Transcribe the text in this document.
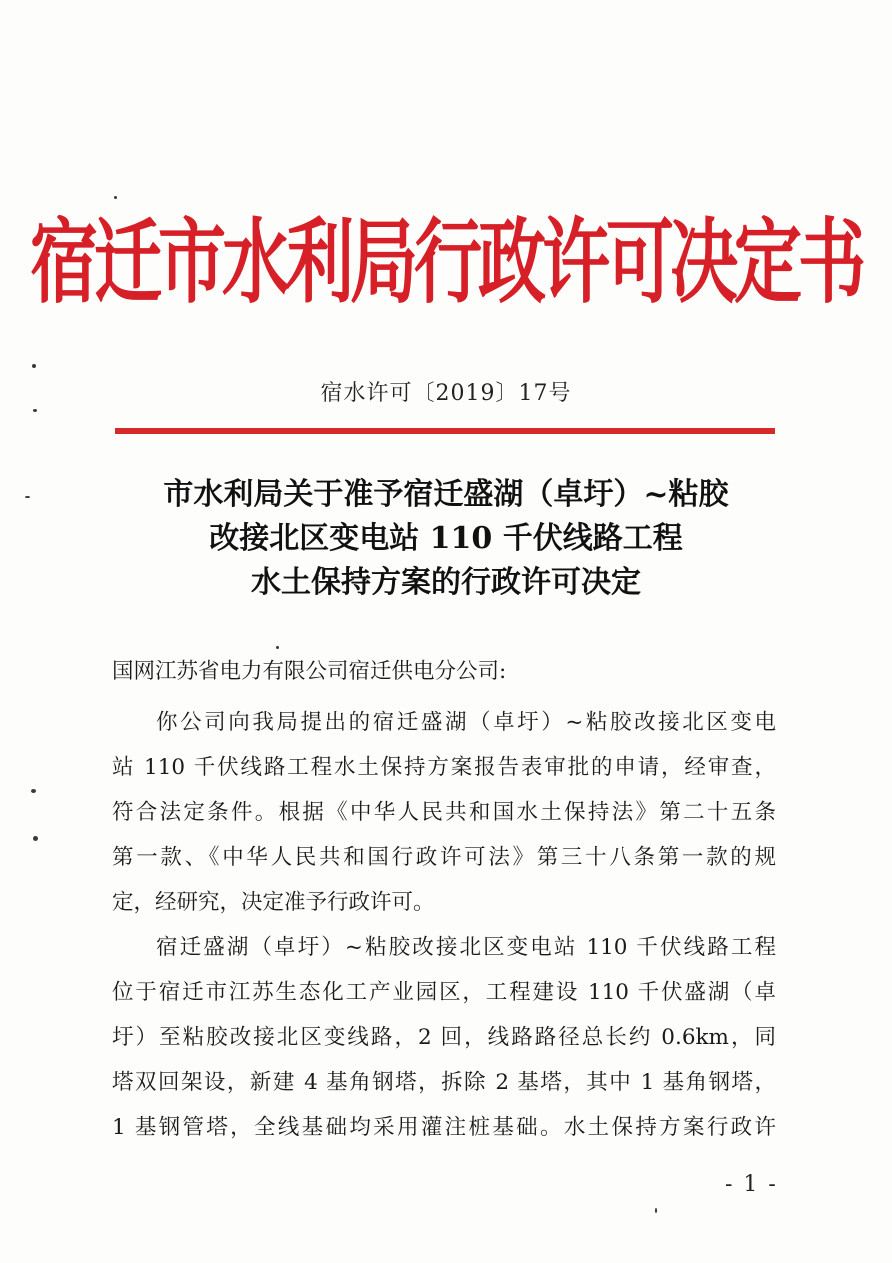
宿迁市水利局行政许可决定书
宿水许可〔2019〕17号
市水利局关于准予宿迁盛湖（卓圩）~粘胶
改接北区变电站 110 千伏线路工程
水土保持方案的行政许可决定
国网江苏省电力有限公司宿迁供电分公司:
你公司向我局提出的宿迁盛湖（卓圩）~粘胶改接北区变电
站 110 千伏线路工程水土保持方案报告表审批的申请，经审查，
符合法定条件。根据《中华人民共和国水土保持法》第二十五条
第一款、《中华人民共和国行政许可法》第三十八条第一款的规
定，经研究，决定准予行政许可。
宿迁盛湖（卓圩）~粘胶改接北区变电站 110 千伏线路工程
位于宿迁市江苏生态化工产业园区，工程建设 110 千伏盛湖（卓
圩）至粘胶改接北区变线路，2 回，线路路径总长约 0.6km，同
塔双回架设，新建 4 基角钢塔，拆除 2 基塔，其中 1 基角钢塔，
1 基钢管塔，全线基础均采用灌注桩基础。水土保持方案行政许
- 1 -
